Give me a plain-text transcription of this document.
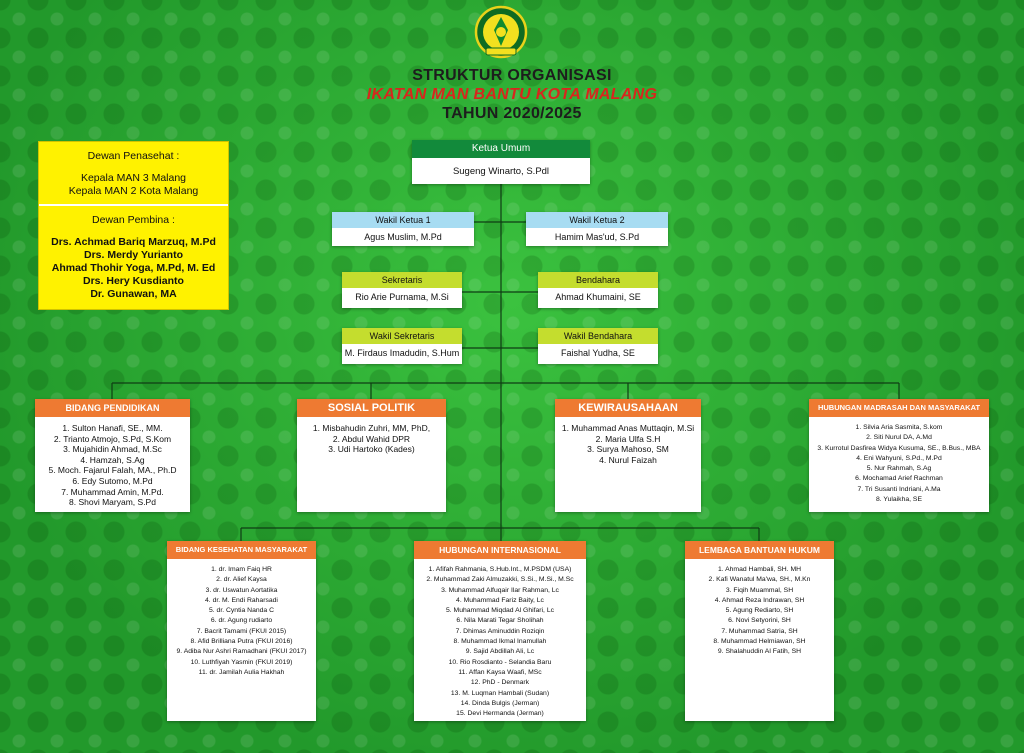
STRUKTUR ORGANISASI
IKATAN MAN BANTU KOTA MALANG
TAHUN 2020/2025
Dewan Penasehat :
Kepala MAN 3 Malang
Kepala MAN 2 Kota Malang
Dewan Pembina :
Drs. Achmad Bariq Marzuq, M.Pd
Drs. Merdy Yurianto
Ahmad Thohir Yoga, M.Pd, M. Ed
Drs. Hery Kusdianto
Dr. Gunawan, MA
Ketua Umum
Sugeng Winarto, S.Pdl
Wakil Ketua 1
Agus Muslim, M.Pd
Wakil Ketua 2
Hamim Mas'ud, S.Pd
Sekretaris
Rio Arie Purnama, M.Si
Bendahara
Ahmad Khumaini, SE
Wakil Sekretaris
M. Firdaus Imadudin, S.Hum
Wakil Bendahara
Faishal Yudha, SE
BIDANG PENDIDIKAN
1. Sulton Hanafi, SE., MM.
2. Trianto Atmojo, S.Pd, S.Kom
3. Mujahidin Ahmad, M.Sc
4. Hamzah, S.Ag
5. Moch. Fajarul Falah, MA., Ph.D
6. Edy Sutomo, M.Pd
7. Muhammad Amin, M.Pd.
8. Shovi Maryam, S.Pd
SOSIAL POLITIK
1. Misbahudin Zuhri, MM, PhD,
2. Abdul Wahid DPR
3. Udi Hartoko (Kades)
KEWIRAUSAHAAN
1. Muhammad Anas Muttaqin, M.Si
2. Maria Ulfa S.H
3. Surya Mahoso, SM
4. Nurul Faizah
HUBUNGAN MADRASAH DAN MASYARAKAT
1. Silvia Aria Sasmita, S.kom
2. Siti Nurul DA, A.Md
3. Kurrotul Dasfirea Widya Kusuma, SE., B.Bus., MBA
4. Eni Wahyuni, S.Pd., M.Pd
5. Nur Rahmah, S.Ag
6. Mochamad Arief Rachman
7. Tri Susanti Indriani, A.Ma
8. Yulaikha, SE
BIDANG KESEHATAN MASYARAKAT
1. dr. Imam Faiq HR
2. dr. Alief Kaysa
3. dr. Uswatun Aortatika
4. dr. M. Endi Raharsadi
5. dr. Cyntia Nanda C
6. dr. Agung rudiarto
7. Bacrit Tamami (FKUI 2015)
8. Afid Brilliana Putra (FKUI 2016)
9. Adiba Nur Ashri Ramadhani (FKUI 2017)
10. Luthfiyah Yasmin (FKUI 2019)
11. dr. Jamilah Aulia Hakhah
HUBUNGAN INTERNASIONAL
1. Afifah Rahmania, S.Hub.Int., M.PSDM (USA)
2. Muhammad Zaki Almuzakki, S.Si., M.Si., M.Sc
3. Muhammad Alfuqair Ilar Rahman, Lc
4. Muhammad Fariz Baity, Lc
5. Muhammad Miqdad Al Ghifari, Lc
6. Nila Marati Tegar Sholihah
7. Dhimas Aminuddin Roziqin
8. Muhammad Ikmal Inamullah
9. Sajid Abdillah Ali, Lc
10. Rio Rosdianto - Selandia Baru
11. Affan Kaysa Waafi, MSc
12. PhD - Denmark
13. M. Luqman Hambali (Sudan)
14. Dinda Bulgis (Jerman)
15. Devi Hermanda (Jerman)
LEMBAGA BANTUAN HUKUM
1. Ahmad Hambali, SH. MH
2. Kafi Wanatul Ma'wa, SH., M.Kn
3. Fiqih Muammal, SH
4. Ahmad Reza Indrawan, SH
5. Agung Rediarto, SH
6. Novi Setyorini, SH
7. Muhammad Satria, SH
8. Muhammad Helmiawan, SH
9. Shalahuddin Al Fatih, SH
